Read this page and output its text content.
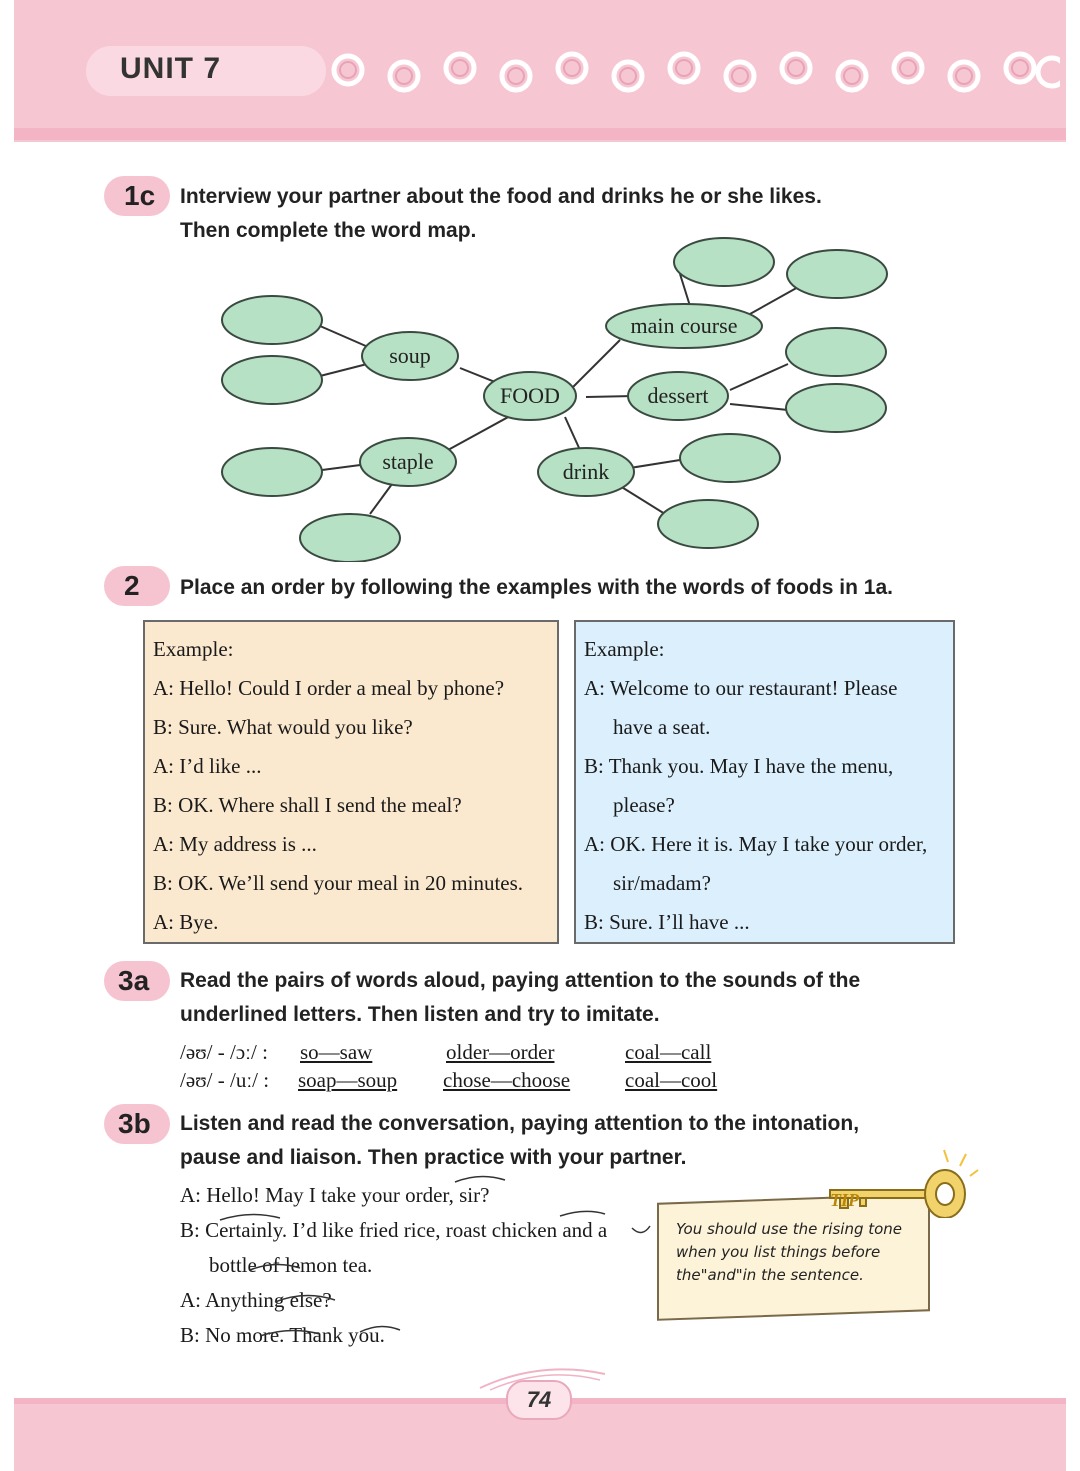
UNIT 7
1c	Interview your partner about the food and drinks he or she likes.
Then complete the word map.
soup
main course
FOOD	dessert
staple	drink
2	Place an order by following the examples with the words of foods in 1a.
Example:
A: Hello! Could I order a meal by phone?
B: Sure. What would you like?
A: I’d like ...
B: OK. Where shall I send the meal?
A: My address is ...
B: OK. We’ll send your meal in 20 minutes.
A: Bye.
Example:
A: Welcome to our restaurant! Please
have a seat.
B: Thank you. May I have the menu,
please?
A: OK. Here it is. May I take your order,
sir/madam?
B: Sure. I’ll have ...
3a	Read the pairs of words aloud, paying attention to the sounds of the
underlined letters. Then listen and try to imitate.
/əʊ/ - /ɔː/ : so—saw	older—order	coal—call
/əʊ/ - /uː/ : soap—soup chose—choose	coal—cool
3b	Listen and read the conversation, paying attention to the intonation,
pause and liaison. Then practice with your partner.
A: Hello! May I take your order, sir?
B: Certainly. I’d like fried rice, roast chicken and a
bottle of lemon tea.
A: Anything else?
B: No more. Thank you.
TIP
You should use the rising tone when you list things before the"and"in the sentence.
74
